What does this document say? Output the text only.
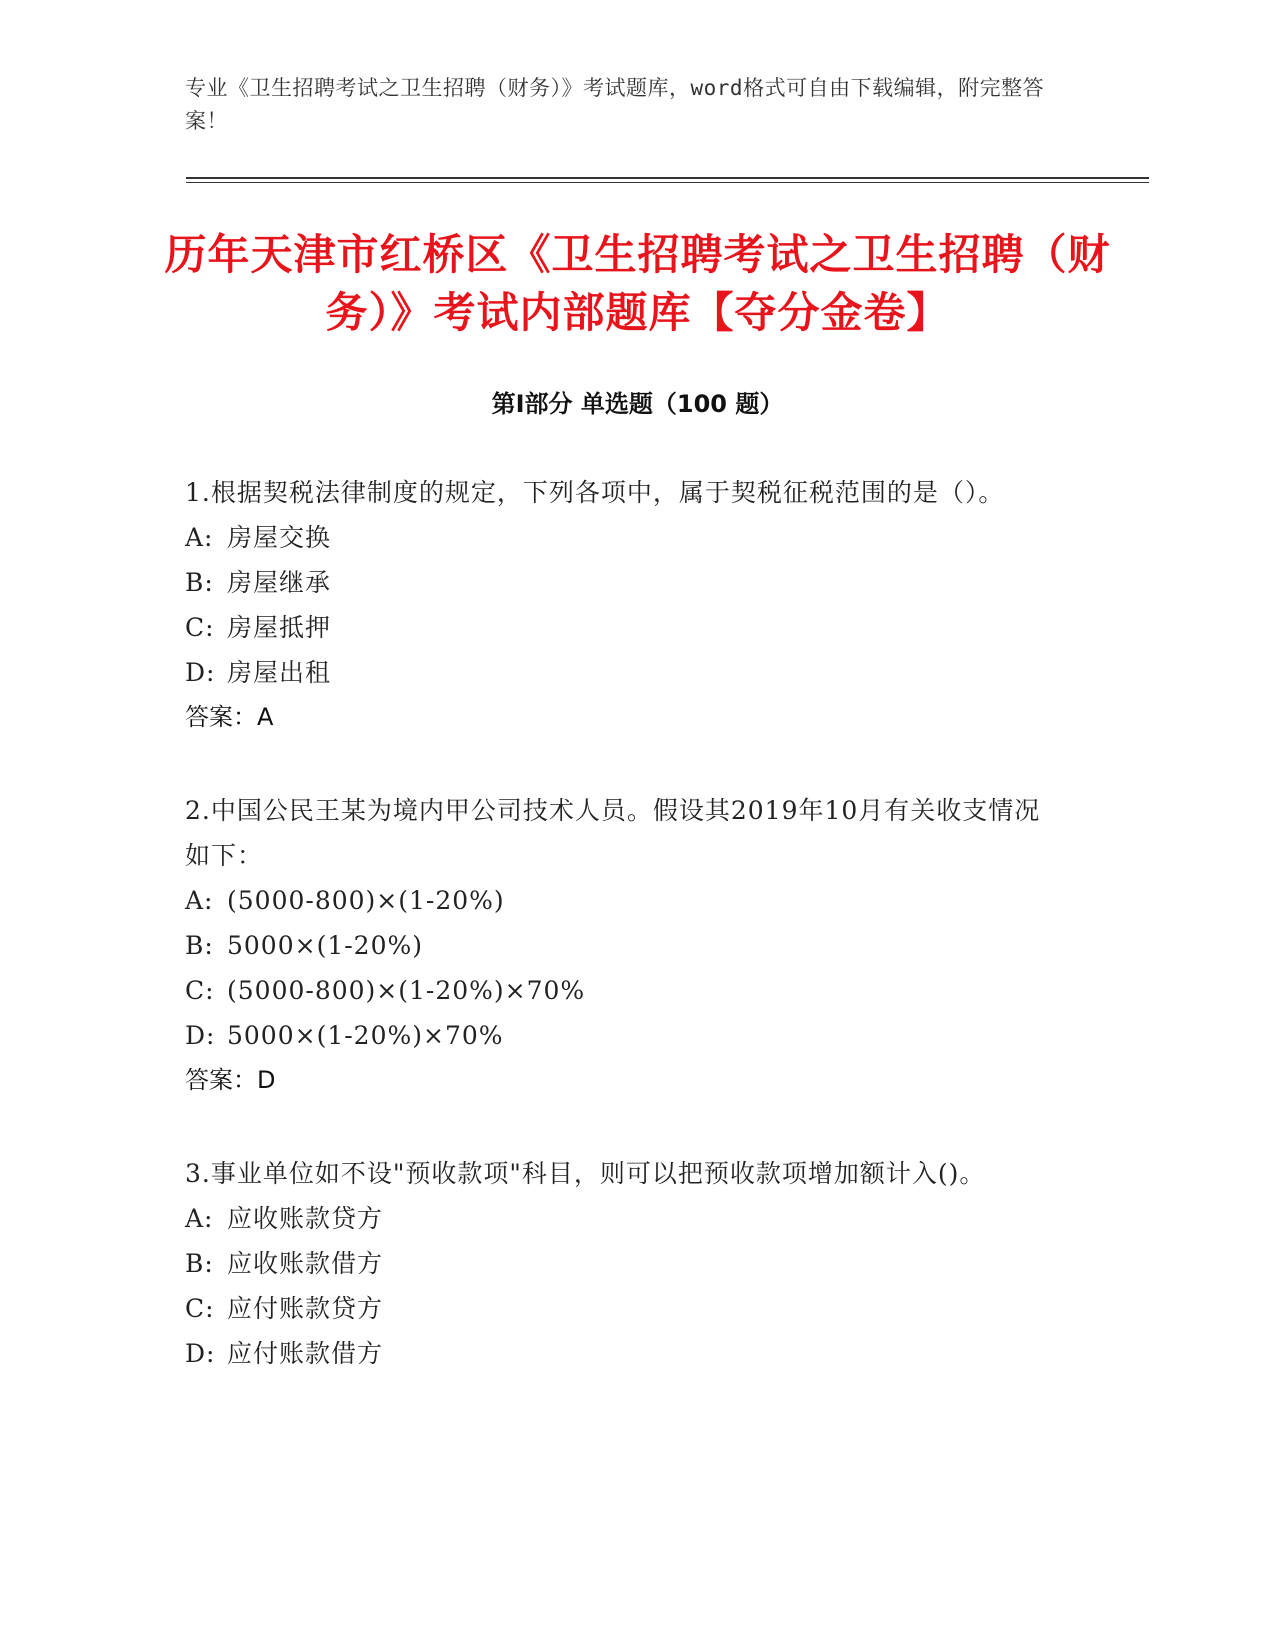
专业《卫生招聘考试之卫生招聘（财务）》考试题库，word格式可自由下载编辑，附完整答案！
历年天津市红桥区《卫生招聘考试之卫生招聘（财务）》考试内部题库【夺分金卷】
第Ⅰ部分 单选题（100 题）
1.根据契税法律制度的规定，下列各项中，属于契税征税范围的是（）。
A: 房屋交换
B: 房屋继承
C: 房屋抵押
D: 房屋出租
答案：A
2.中国公民王某为境内甲公司技术人员。假设其2019年10月有关收支情况如下：
A: (5000-800)×(1-20%)
B: 5000×(1-20%)
C: (5000-800)×(1-20%)×70%
D: 5000×(1-20%)×70%
答案：D
3.事业单位如不设"预收款项"科目，则可以把预收款项增加额计入()。
A: 应收账款贷方
B: 应收账款借方
C: 应付账款贷方
D: 应付账款借方
